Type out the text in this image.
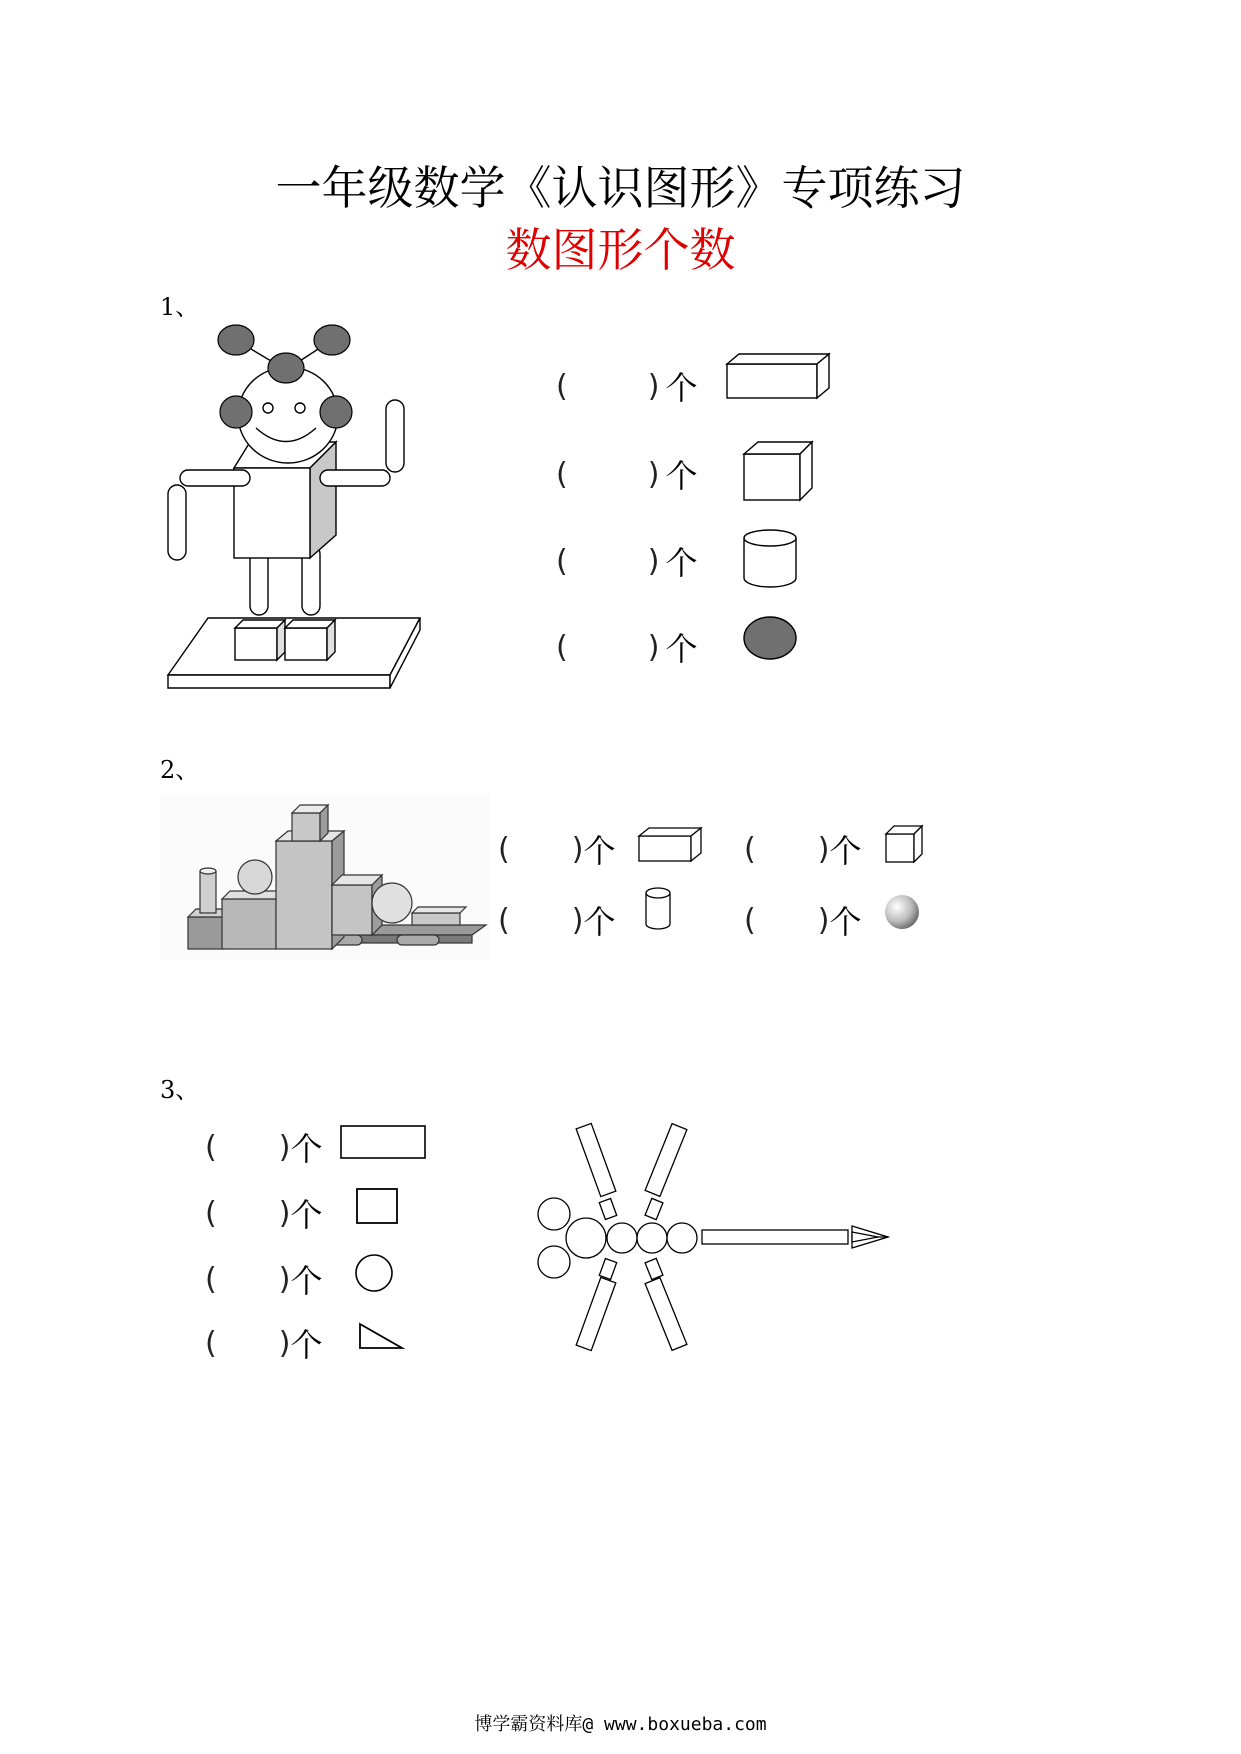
一年级数学《认识图形》专项练习
数图形个数
1、
(	) 个
(	) 个
(	) 个
(	) 个
2、
( ) 个	( ) 个
( ) 个	( ) 个
3、
( ) 个
( ) 个
( ) 个
( ) 个
博学霸资料库@ www.boxueba.com
